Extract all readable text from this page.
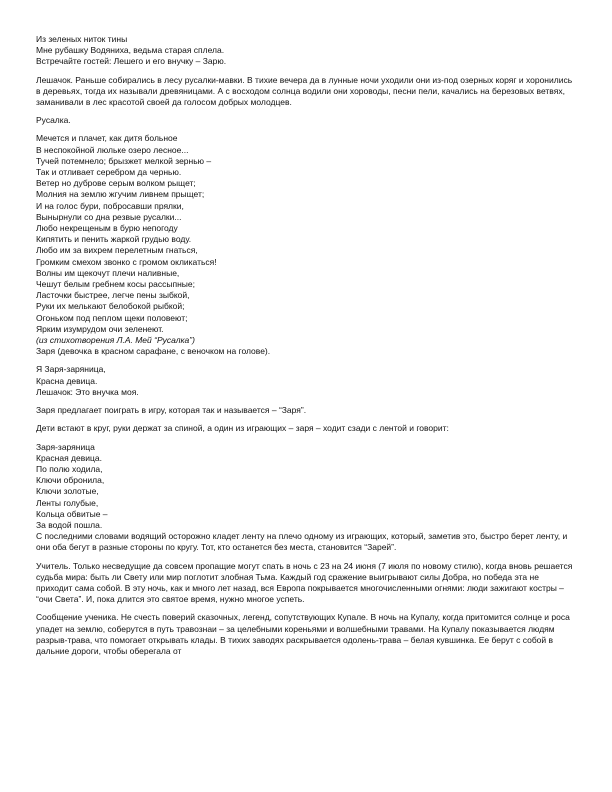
Из зеленых ниток тины
Мне рубашку Водяниха, ведьма старая сплела.
Встречайте гостей: Лешего и его внучку – Зарю.
Лешачок. Раньше собирались в лесу русалки-мавки. В тихие вечера да в лунные ночи уходили они из-под озерных коряг и хоронились в деревьях, тогда их называли древяницами. А с восходом солнца водили они хороводы, песни пели, качались на березовых ветвях, заманивали в лес красотой своей да голосом добрых молодцев.
Русалка.
Мечется и плачет, как дитя больное
В неспокойной люльке озеро лесное...
Тучей потемнело; брызжет мелкой зернью –
Так и отливает серебром да чернью.
Ветер но дуброве серым волком рыщет;
Молния на землю жгучим ливнем прыщет;
И на голос бури, поброcавши прялки,
Вынырнули со дна резвые русалки...
Любо некрещеным в бурю непогоду
Кипятить и пенить жаркой грудью воду.
Любо им за вихрем перелетным гнаться,
Громким смехом звонко с громом окликаться!
Волны им щекочут плечи наливные,
Чешут белым гребнем косы рассыпные;
Ласточки быстрее, легче пены зыбкой,
Руки их мелькают белобокой рыбкой;
Огоньком под пеплом щеки половеют;
Ярким изумрудом очи зеленеют.
(из стихотворения Л.А. Мей “Русалка”)
Заря (девочка в красном сарафане, с веночком на голове).
Я Заря-заряница,
Красна девица.
Лешачок: Это внучка моя.
Заря предлагает поиграть в игру, которая так и называется – “Заря”.
Дети встают в круг, руки держат за спиной, а один из играющих – заря – ходит сзади с лентой и говорит:
Заря-заряница
Красная девица.
По полю ходила,
Ключи обронила,
Ключи золотые,
Ленты голубые,
Кольца обвитые –
За водой пошла.
С последними словами водящий осторожно кладет ленту на плечо одному из играющих, который, заметив это, быстро берет ленту, и они оба бегут в разные стороны по кругу. Тот, кто останется без места, становится “Зарей”.
Учитель. Только несведущие да совсем пропащие могут спать в ночь с 23 на 24 июня (7 июля по новому стилю), когда вновь решается судьба мира: быть ли Свету или мир поглотит злобная Тьма. Каждый год сражение выигрывают силы Добра, но победа эта не приходит сама собой. В эту ночь, как и много лет назад, вся Европа покрывается многочисленными огнями: люди зажигают костры – “очи Света”. И, пока длится это святое время, нужно многое успеть.
Сообщение ученика. Не счесть поверий сказочных, легенд, сопутствующих Купале. В ночь на Купалу, когда притомится солнце и роса упадет на землю, соберутся в путь травознаи – за целебными кореньями и волшебными травами. На Купалу показывается людям разрыв-трава, что помогает открывать клады. В тихих заводях раскрывается одолень-трава – белая кувшинка. Ее берут с собой в дальние дороги, чтобы оберегала от
